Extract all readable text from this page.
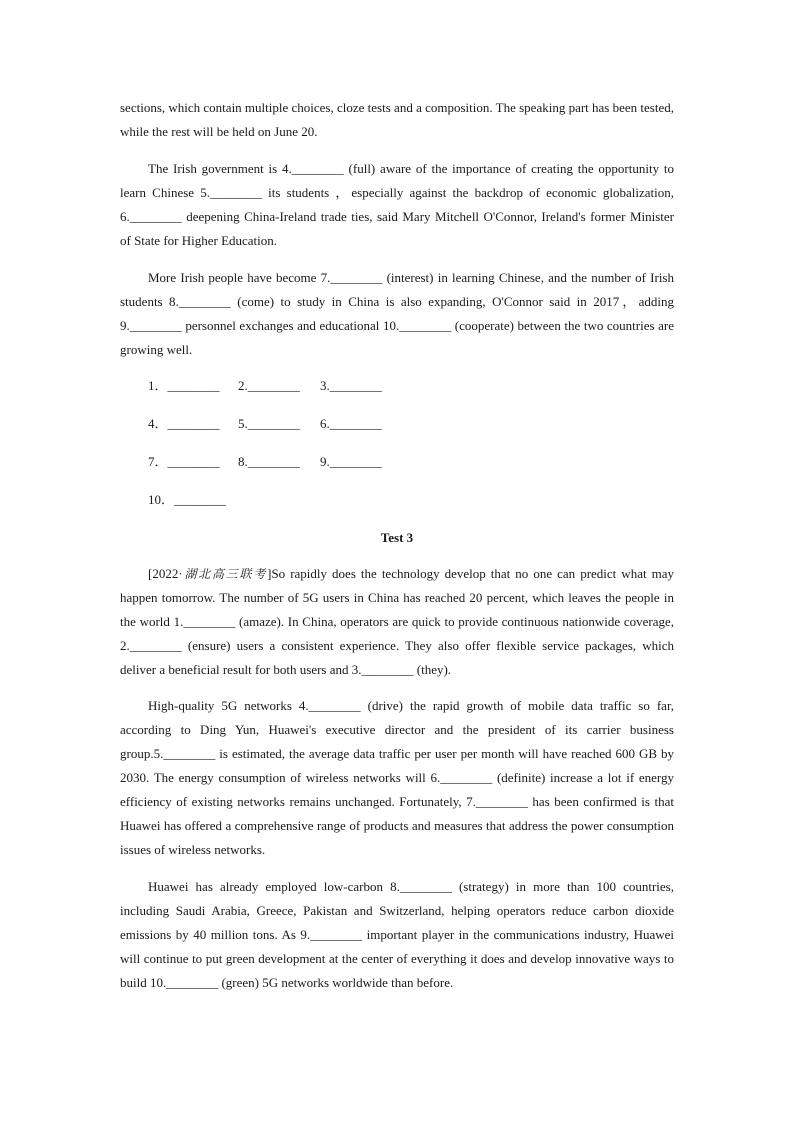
sections, which contain multiple choices, cloze tests and a composition. The speaking part has been tested, while the rest will be held on June 20.

The Irish government is 4.________ (full) aware of the importance of creating the opportunity to learn Chinese 5.________ its students ，especially against the backdrop of economic globalization, 6.________ deepening China-Ireland trade ties, said Mary Mitchell O'Connor, Ireland's former Minister of State for Higher Education.

More Irish people have become 7.________ (interest) in learning Chinese, and the number of Irish students 8.________ (come) to study in China is also expanding, O'Connor said in 2017，adding 9.________ personnel exchanges and educational 10.________ (cooperate) between the two countries are growing well.

1．________ 2.________ 3.________
4．________ 5.________ 6.________
7．________ 8.________ 9.________
10．________
Test 3

[2022·湖北高三联考]So rapidly does the technology develop that no one can predict what may happen tomorrow. The number of 5G users in China has reached 20 percent, which leaves the people in the world 1.________ (amaze). In China, operators are quick to provide continuous nationwide coverage, 2.________ (ensure) users a consistent experience. They also offer flexible service packages, which deliver a beneficial result for both users and 3.________ (they).

High-quality 5G networks 4.________ (drive) the rapid growth of mobile data traffic so far, according to Ding Yun, Huawei's executive director and the president of its carrier business group.5.________ is estimated, the average data traffic per user per month will have reached 600 GB by 2030. The energy consumption of wireless networks will 6.________ (definite) increase a lot if energy efficiency of existing networks remains unchanged. Fortunately, 7.________ has been confirmed is that Huawei has offered a comprehensive range of products and measures that address the power consumption issues of wireless networks.

Huawei has already employed low-carbon 8.________ (strategy) in more than 100 countries, including Saudi Arabia, Greece, Pakistan and Switzerland, helping operators reduce carbon dioxide emissions by 40 million tons. As 9.________ important player in the communications industry, Huawei will continue to put green development at the center of everything it does and develop innovative ways to build 10.________ (green) 5G networks worldwide than before.
